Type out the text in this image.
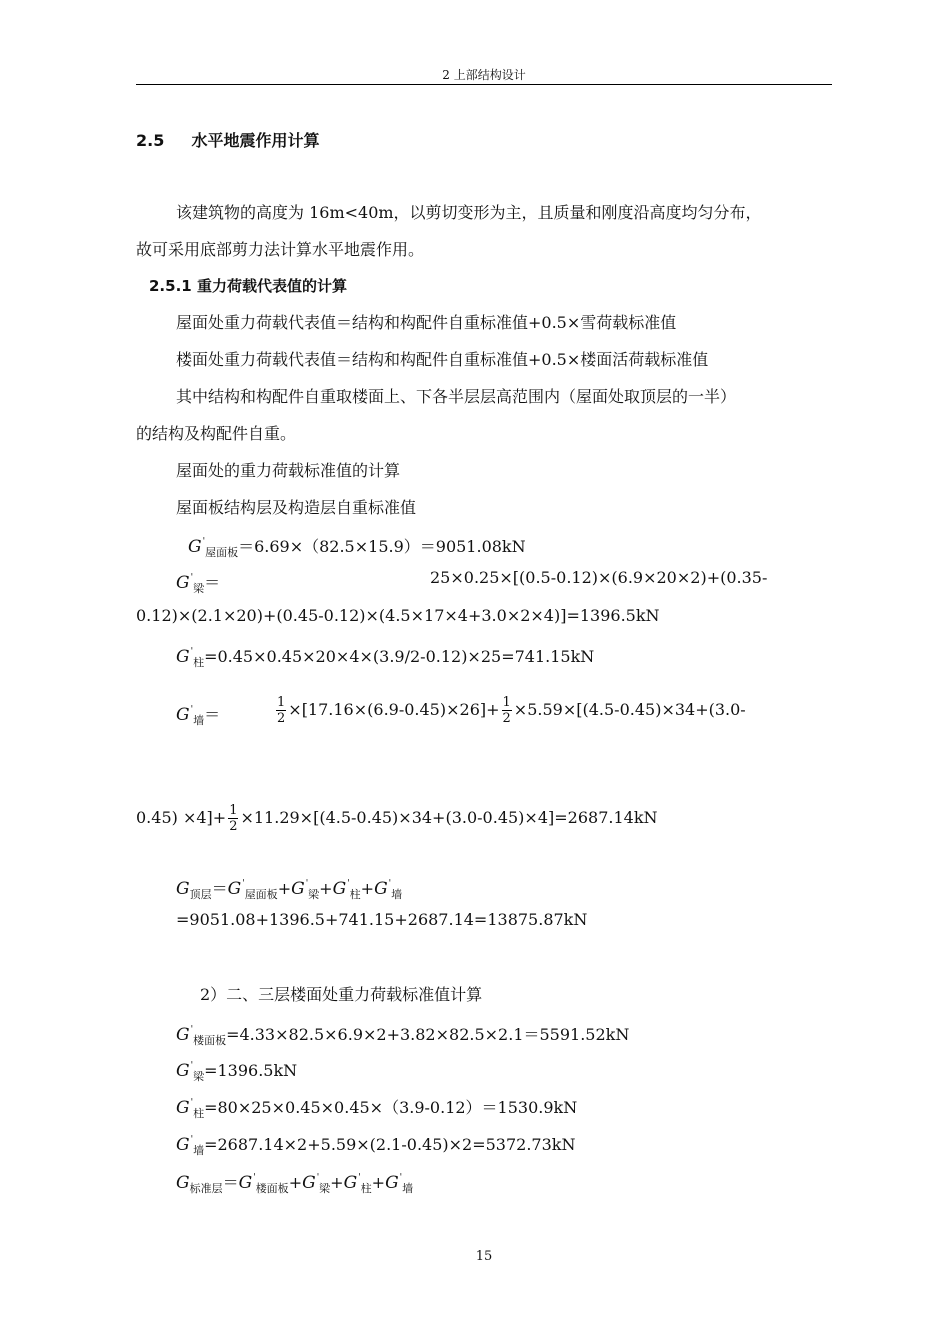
2 上部结构设计
2.5 水平地震作用计算
该建筑物的高度为 16m<40m，以剪切变形为主，且质量和刚度沿高度均匀分布，
故可采用底部剪力法计算水平地震作用。
2.5.1 重力荷载代表值的计算
屋面处重力荷载代表值＝结构和构配件自重标准值+0.5×雪荷载标准值
楼面处重力荷载代表值＝结构和构配件自重标准值+0.5×楼面活荷载标准值
其中结构和构配件自重取楼面上、下各半层层高范围内（屋面处取顶层的一半）
的结构及构配件自重。
屋面处的重力荷载标准值的计算
屋面板结构层及构造层自重标准值
$G'_{屋面板}=6.69\times(82.5\times 15.9)=9051.08kN$
$G'_梁=$	25×0.25×[(0.5-0.12)×(6.9×20×2)+(0.35-
0.12)×(2.1×20)+(0.45-0.12)×(4.5×17×4+3.0×2×4)]=1396.5kN
$G'_柱=0.45\times 0.45\times 20\times 4\times(3.9/2-0.12)\times 25=741.15kN$
$G'_墙=$	$\frac{1}{2} \times[17.16\times(6.9-0.45)\times 26]+ \frac{1}{2} \times 5.59\times[(4.5-0.45)\times 34+(3.0-$
$0.45) \times 4]+ \frac{1}{2} \times 11.29\times[(4.5-0.45)\times 34+(3.0-0.45)\times 4]=2687.14kN$
$G_{顶层}=G'_{屋面板}+G'_梁+G'_柱+G'_墙$
=9051.08+1396.5+741.15+2687.14=13875.87kN
2）二、三层楼面处重力荷载标准值计算
$G'_{楼面板}=4.33\times 82.5\times 6.9\times 2+3.82\times 82.5\times 2.1=5591.52kN$
$G'_梁=1396.5kN$
$G'_柱=80\times 25\times 0.45\times 0.45\times(3.9-0.12)=1530.9kN$
$G'_墙=2687.14\times 2+5.59\times(2.1-0.45)\times 2=5372.73kN$
$G_{标准层}=G'_{楼面板}+G'_梁+G'_柱+G'_墙$
15
